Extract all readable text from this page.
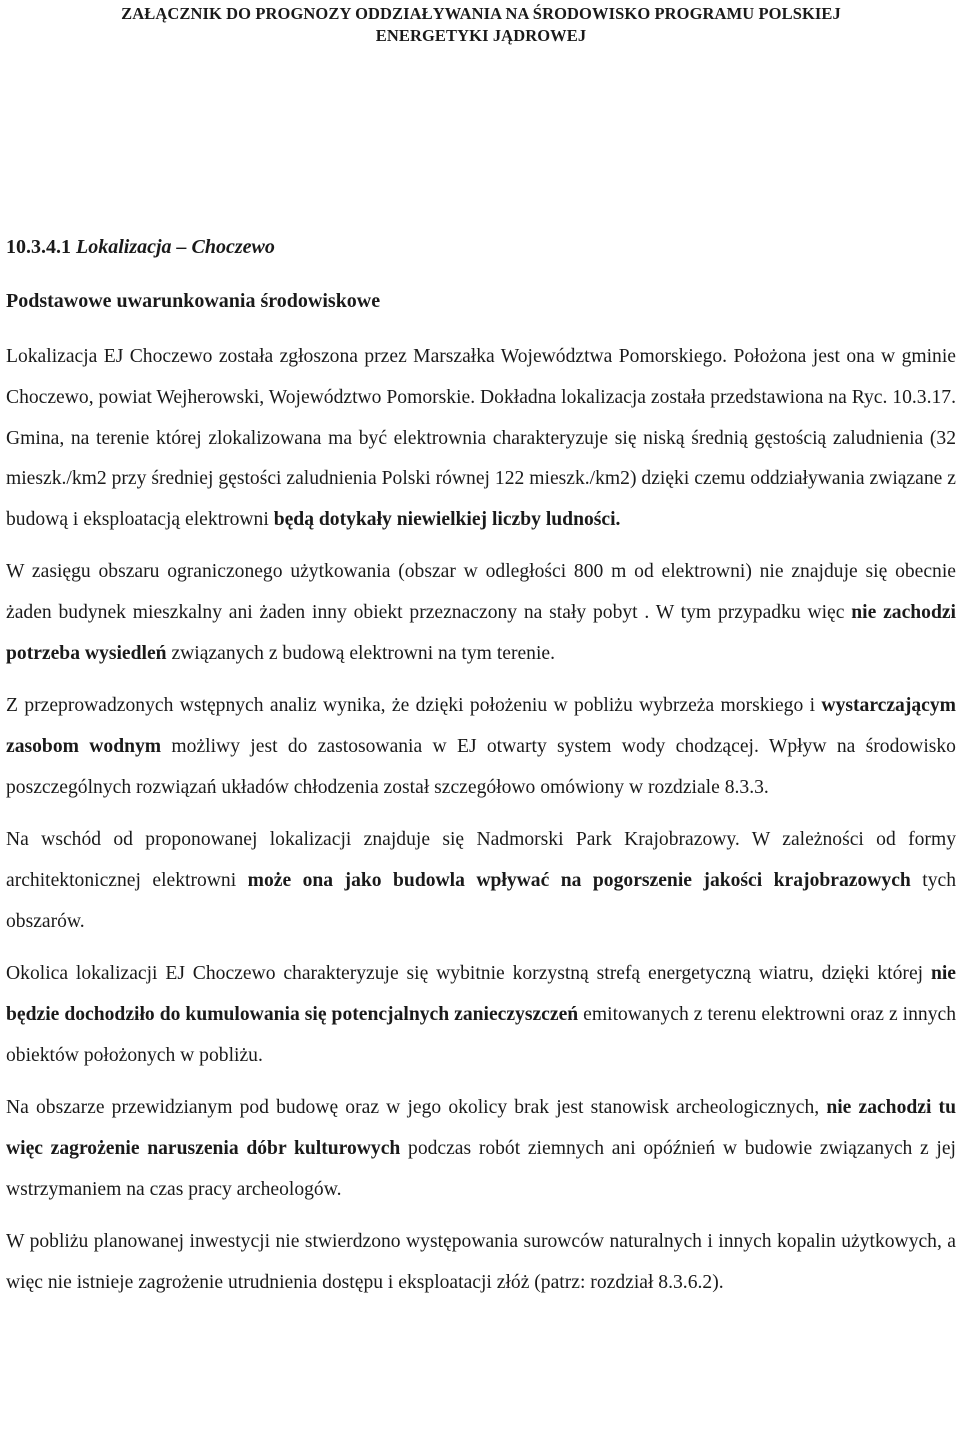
ZAŁĄCZNIK DO PROGNOZY ODDZIAŁYWANIA NA ŚRODOWISKO PROGRAMU POLSKIEJ
ENERGETYKI JĄDROWEJ
10.3.4.1 Lokalizacja – Choczewo
Podstawowe uwarunkowania środowiskowe

Lokalizacja EJ Choczewo została zgłoszona przez Marszałka Województwa Pomorskiego. Położona jest ona w gminie Choczewo, powiat Wejherowski, Województwo Pomorskie. Dokładna lokalizacja została przedstawiona na Ryc. 10.3.17. Gmina, na terenie której zlokalizowana ma być elektrownia charakteryzuje się niską średnią gęstością zaludnienia (32 mieszk./km2 przy średniej gęstości zaludnienia Polski równej 122 mieszk./km2) dzięki czemu oddziaływania związane z budową i eksploatacją elektrowni będą dotykały niewielkiej liczby ludności.

W zasięgu obszaru ograniczonego użytkowania (obszar w odległości 800 m od elektrowni) nie znajduje się obecnie żaden budynek mieszkalny ani żaden inny obiekt przeznaczony na stały pobyt . W tym przypadku więc nie zachodzi potrzeba wysiedleń związanych z budową elektrowni na tym terenie.

Z przeprowadzonych wstępnych analiz wynika, że dzięki położeniu w pobliżu wybrzeża morskiego i wystarczającym zasobom wodnym możliwy jest do zastosowania w EJ otwarty system wody chodzącej. Wpływ na środowisko poszczególnych rozwiązań układów chłodzenia został szczegółowo omówiony w rozdziale 8.3.3.

Na wschód od proponowanej lokalizacji znajduje się Nadmorski Park Krajobrazowy. W zależności od formy architektonicznej elektrowni może ona jako budowla wpływać na pogorszenie jakości krajobrazowych tych obszarów.

Okolica lokalizacji EJ Choczewo charakteryzuje się wybitnie korzystną strefą energetyczną wiatru, dzięki której nie będzie dochodziło do kumulowania się potencjalnych zanieczyszczeń emitowanych z terenu elektrowni oraz z innych obiektów położonych w pobliżu.

Na obszarze przewidzianym pod budowę oraz w jego okolicy brak jest stanowisk archeologicznych, nie zachodzi tu więc zagrożenie naruszenia dóbr kulturowych podczas robót ziemnych ani opóźnień w budowie związanych z jej wstrzymaniem na czas pracy archeologów.

W pobliżu planowanej inwestycji nie stwierdzono występowania surowców naturalnych i innych kopalin użytkowych, a więc nie istnieje zagrożenie utrudnienia dostępu i eksploatacji złóż (patrz: rozdział 8.3.6.2).
